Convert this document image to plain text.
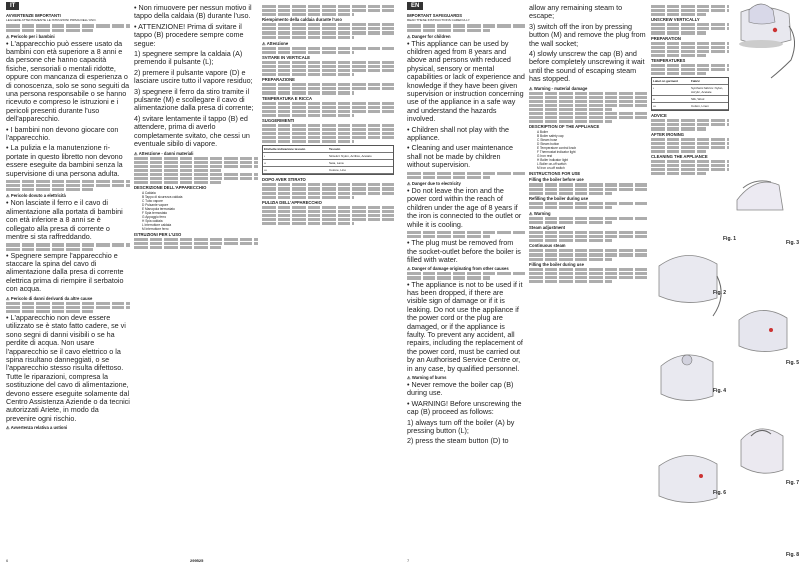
IT
AVVERTENZE IMPORTANTI
LEGGERE ATTENTAMENTE LE ISTRUZIONI PRIMA DELL'USO.
⚠ Pericolo per i bambini
• L'apparecchio può essere usato da bambini con età superiore a 8 anni e da persone che hanno capacità fisiche, sensoriali o mentali ridotte, oppure con mancanza di esperienza o di conoscenza, solo se sono seguiti da una persona responsabile o se hanno ricevuto e compreso le istruzioni e i pericoli presenti durante l'uso dell'apparecchio.
• I bambini non devono giocare con l'apparecchio.
• La pulizia e la manutenzione ri-portate in questo libretto non devono essere eseguite da bambini senza la supervisione di una persona adulta.
⚠ Pericolo dovuto a elettricità
• Non lasciate il ferro e il cavo di alimentazione alla portata di bambini con età inferiore a 8 anni se è collegato alla presa di corrente o mentre si sta raffreddando.
• Spegnere sempre l'apparecchio e staccare la spina del cavo di alimentazione dalla presa di corrente elettrica prima di riempire il serbatoio con acqua.
⚠ Pericolo di danni derivanti da altre cause
• L'apparecchio non deve essere utilizzato se è stato fatto cadere, se vi sono segni di danni visibili o se ha perdite di acqua. Non usare l'apparecchio se il cavo elettrico o la spina risultano danneggiati, o se l'apparecchio stesso risulta difettoso. Tutte le riparazioni, compresa la sostituzione del cavo di alimentazione, devono essere eseguite solamente dal Centro Assistenza Aziende o da tecnici autorizzati Ariete, in modo da prevenire ogni rischio.
⚠ Avvertenza relativa a ustioni
• Non rimuovere per nessun motivo il tappo della caldaia (B) durante l'uso.
• ATTENZIONE! Prima di svitare il tappo (B) procedere sempre come segue:
1) spegnere sempre la caldaia (A) premendo il pulsante (L);
2) premere il pulsante vapore (D) e lasciare uscire tutto il vapore residuo;
3) spegnere il ferro da stiro tramite il pulsante (M) e scollegare il cavo di alimentazione dalla presa di corrente;
4) svitare lentamente il tappo (B) ed attendere, prima di averlo completamente svitato, che cessi un eventuale sibilo di vapore.
⚠ Attenzione - danni materiali
DESCRIZIONE DELL'APPARECCHIO
• A Caldaia
• B Tappo di sicurezza caldaia
• C Tubo vapore
• D Pulsante vapore
• E Manopola termostato
• F Spia termostato
• G Appoggio ferro
• H Spia caldaia
• L Interruttore caldaia
• M Interruttore ferro
ISTRUZIONI PER L'USO
Riempimento della caldaia durante l'uso
⚠ Attenzione
SVITARE IN VERTICALE
PREPARAZIONE
TEMPERATURA E RICCA
SUGGERIMENTI
Etichette indicazione tessuto	Tessuto
•	Sintetici: Nylon, Acrilico, Acetato
••	Seta, Lana
•••	Cotone, Lino
DOPO AVER STIRATO
PULIZIA DELL'APPARECCHIO
6	299525
EN
IMPORTANT SAFEGUARDS
READ THESE INSTRUCTIONS CAREFULLY.
⚠ Danger for children
• This appliance can be used by children aged from 8 years and above and persons with reduced physical, sensory or mental capabilities or lack of experience and knowledge if they have been given supervision or instruction concerning use of the appliance in a safe way and understand the hazards involved.
• Children shall not play with the appliance.
• Cleaning and user maintenance shall not be made by children without supervision.
⚠ Danger due to electricity
• Do not leave the iron and the power cord within the reach of children under the age of 8 years if the iron is connected to the outlet or while it is cooling.
• The plug must be removed from the socket-outlet before the boiler is filled with water.
⚠ Danger of damage originating from other causes
• The appliance is not to be used if it has been dropped, if there are visible sign of damage or if it is leaking. Do not use the appliance if the power cord or the plug are damaged, or if the appliance is faulty. To prevent any accident, all repairs, including the replacement of the power cord, must be carried out by an Authorised Service Centre or, in any case, by qualified personnel.
⚠ Warning of burns
• Never remove the boiler cap (B) during use.
• WARNING! Before unscrewing the cap (B) proceed as follows:
1) always turn off the boiler (A) by pressing button (L);
2) press the steam button (D) to
allow any remaining steam to escape;
3) switch off the iron by pressing button (M) and remove the plug from the wall socket;
4) slowly unscrew the cap (B) and before completely unscrewing it wait until the sound of escaping steam has stopped.
⚠ Warning - material damage
DESCRIPTION OF THE APPLIANCE
• A Boiler
• B Boiler safety cap
• C Steam hose
• D Steam button
• E Temperature control knob
• F Thermostat indicator light
• G Iron rest
• H Boiler indicator light
• L Boiler on-off switch
• M Iron on-off switch
INSTRUCTIONS FOR USE
Filling the boiler before use
Refilling the boiler during use
⚠ Warning
Steam adjustment
Continuous steam
Filling the boiler during use
UNSCREW VERTICALLY
PREPARATION
TEMPERATURES
Label on garment	Fabric
•	Synthetic fabrics: Nylon, Acrylic, Acetate
••	Silk, Wool
•••	Cotton, Linen
ADVICE
AFTER IRONING
CLEANING THE APPLIANCE
Fig. 1
Fig. 2
Fig. 3
Fig. 4
Fig. 5
Fig. 6
Fig. 7
Fig. 8
7
